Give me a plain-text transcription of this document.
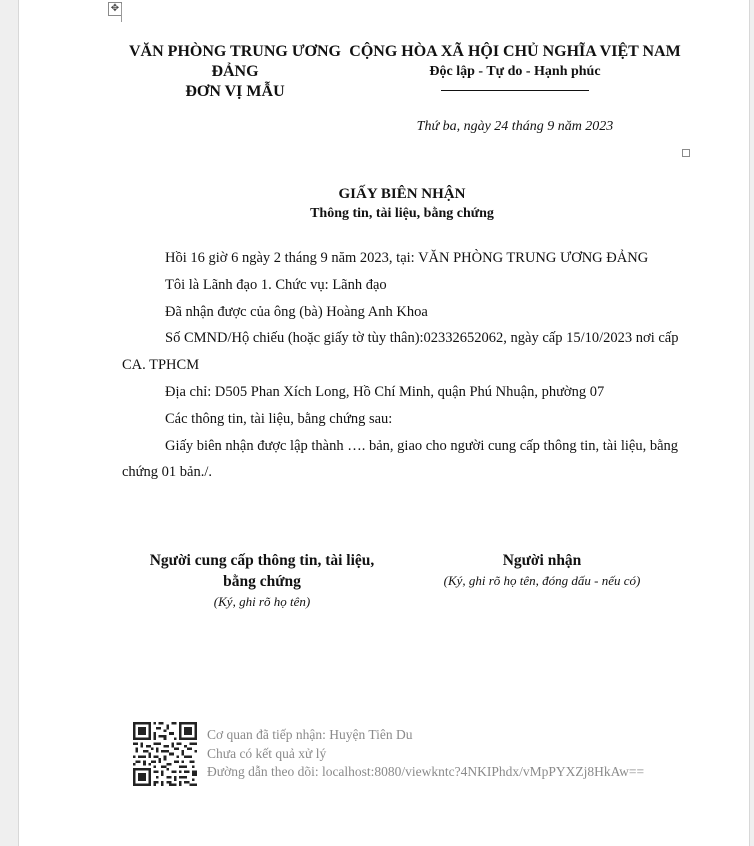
✥
VĂN PHÒNG TRUNG ƯƠNG
ĐẢNG
ĐƠN VỊ MẪU
CỘNG HÒA XÃ HỘI CHỦ NGHĨA VIỆT NAM
Độc lập - Tự do - Hạnh phúc
Thứ ba, ngày 24 tháng 9 năm 2023
GIẤY BIÊN NHẬN
Thông tin, tài liệu, bằng chứng

Hồi 16 giờ 6 ngày 2 tháng 9 năm 2023, tại: VĂN PHÒNG TRUNG ƯƠNG ĐẢNG

Tôi là Lãnh đạo 1. Chức vụ: Lãnh đạo

Đã nhận được của ông (bà) Hoàng Anh Khoa

Số CMND/Hộ chiếu (hoặc giấy tờ tùy thân):02332652062, ngày cấp 15/10/2023 nơi cấp CA. TPHCM

Địa chỉ: D505 Phan Xích Long, Hồ Chí Minh, quận Phú Nhuận, phường 07

Các thông tin, tài liệu, bằng chứng sau:

Giấy biên nhận được lập thành …. bản, giao cho người cung cấp thông tin, tài liệu, bằng chứng 01 bản./.

Người cung cấp thông tin, tài liệu,
bằng chứng
(Ký, ghi rõ họ tên)
Người nhận
(Ký, ghi rõ họ tên, đóng dấu - nếu có)
Cơ quan đã tiếp nhận: Huyện Tiên Du
Chưa có kết quả xử lý
Đường dẫn theo dõi: localhost:8080/viewkntc?4NKIPhdx/vMpPYXZj8HkAw==
